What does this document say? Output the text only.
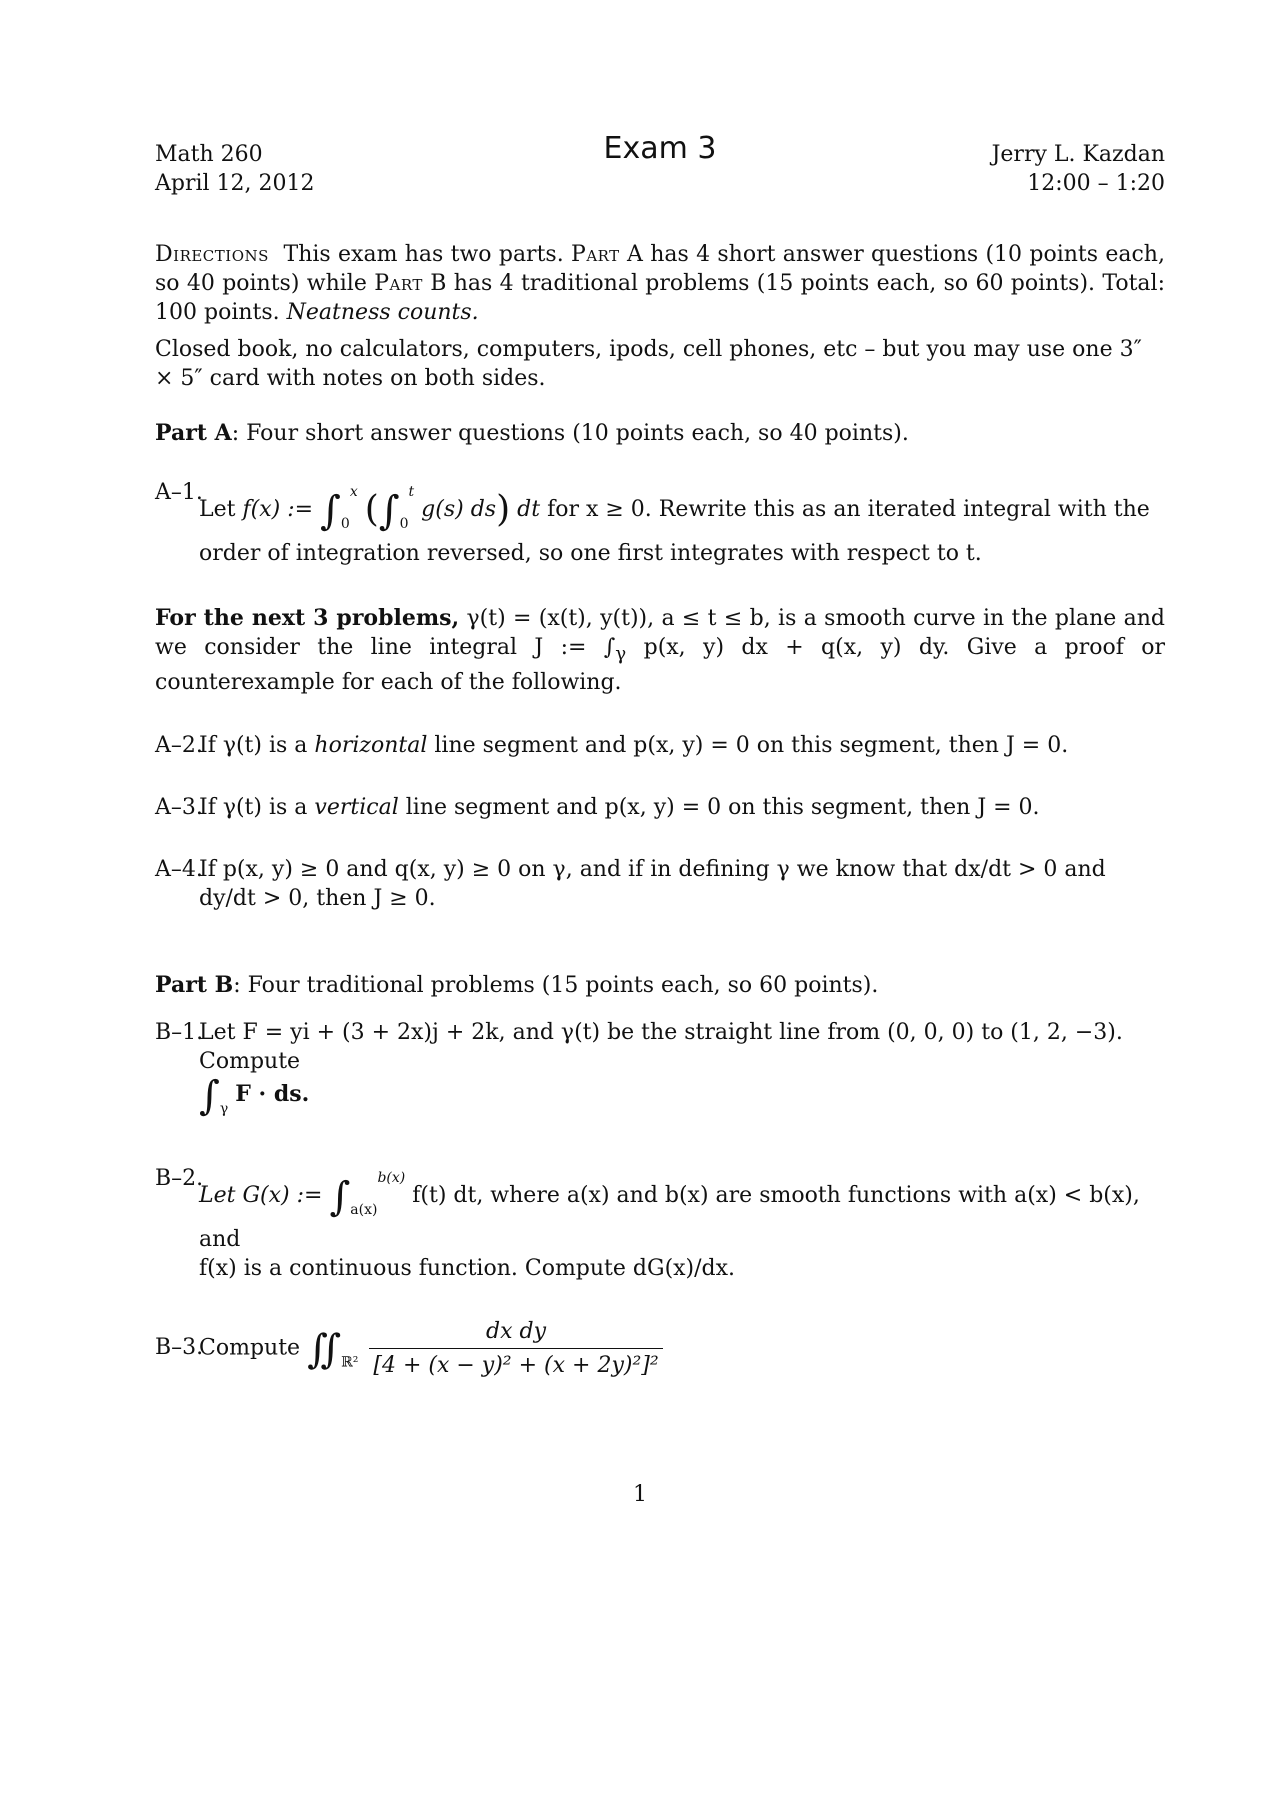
Math 260
April 12, 2012
Exam 3	Jerry L. Kazdan
12:00 – 1:20

Directions This exam has two parts. Part A has 4 short answer questions (10 points each, so 40 points) while Part B has 4 traditional problems (15 points each, so 60 points). Total: 100 points. Neatness counts.

Closed book, no calculators, computers, ipods, cell phones, etc – but you may use one 3″ × 5″ card with notes on both sides.

Part A: Four short answer questions (10 points each, so 40 points).

A–1.
Let f(x) := $\int_0^x$ ($\int_0^t$ g(s) ds) dt for x ≥ 0. Rewrite this as an iterated integral with the
order of integration reversed, so one first integrates with respect to t.

For the next 3 problems, γ(t) = (x(t), y(t)), a ≤ t ≤ b, is a smooth curve in the plane and we consider the line integral J := $\int_\gamma$ p(x, y) dx + q(x, y) dy. Give a proof or counterexample for each of the following.

A–2.
If γ(t) is a horizontal line segment and p(x, y) = 0 on this segment, then J = 0.
A–3.
If γ(t) is a vertical line segment and p(x, y) = 0 on this segment, then J = 0.
A–4.
If p(x, y) ≥ 0 and q(x, y) ≥ 0 on γ, and if in defining γ we know that dx/dt > 0 and
dy/dt > 0, then J ≥ 0.

Part B: Four traditional problems (15 points each, so 60 points).

B–1.
Let F = yi + (3 + 2x)j + 2k, and γ(t) be the straight line from (0, 0, 0) to (1, 2, −3). Compute
$\int_\gamma$ F · ds.
B–2.
Let G(x) := $\int_{a(x)}^{b(x)}$ f(t) dt, where a(x) and b(x) are smooth functions with a(x) < b(x), and
f(x) is a continuous function. Compute dG(x)/dx.
B–3.
Compute $∬_{ℝ^2} \frac{\text{dx dy}}{\text{[4 + (x − y)² + (x + 2y)²]²}}$
1
